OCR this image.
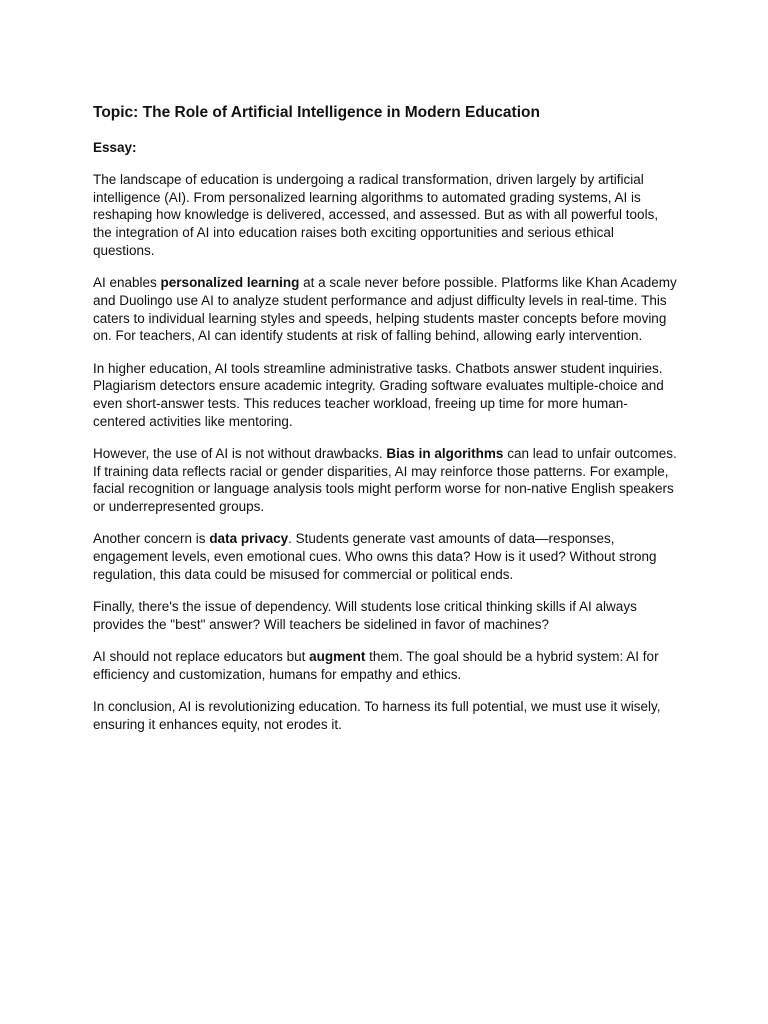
Topic: The Role of Artificial Intelligence in Modern Education
Essay:

The landscape of education is undergoing a radical transformation, driven largely by artificial intelligence (AI). From personalized learning algorithms to automated grading systems, AI is reshaping how knowledge is delivered, accessed, and assessed. But as with all powerful tools, the integration of AI into education raises both exciting opportunities and serious ethical questions.

AI enables personalized learning at a scale never before possible. Platforms like Khan Academy and Duolingo use AI to analyze student performance and adjust difficulty levels in real-time. This caters to individual learning styles and speeds, helping students master concepts before moving on. For teachers, AI can identify students at risk of falling behind, allowing early intervention.

In higher education, AI tools streamline administrative tasks. Chatbots answer student inquiries. Plagiarism detectors ensure academic integrity. Grading software evaluates multiple-choice and even short-answer tests. This reduces teacher workload, freeing up time for more human-centered activities like mentoring.

However, the use of AI is not without drawbacks. Bias in algorithms can lead to unfair outcomes. If training data reflects racial or gender disparities, AI may reinforce those patterns. For example, facial recognition or language analysis tools might perform worse for non-native English speakers or underrepresented groups.

Another concern is data privacy. Students generate vast amounts of data—responses, engagement levels, even emotional cues. Who owns this data? How is it used? Without strong regulation, this data could be misused for commercial or political ends.

Finally, there's the issue of dependency. Will students lose critical thinking skills if AI always provides the "best" answer? Will teachers be sidelined in favor of machines?

AI should not replace educators but augment them. The goal should be a hybrid system: AI for efficiency and customization, humans for empathy and ethics.

In conclusion, AI is revolutionizing education. To harness its full potential, we must use it wisely, ensuring it enhances equity, not erodes it.
